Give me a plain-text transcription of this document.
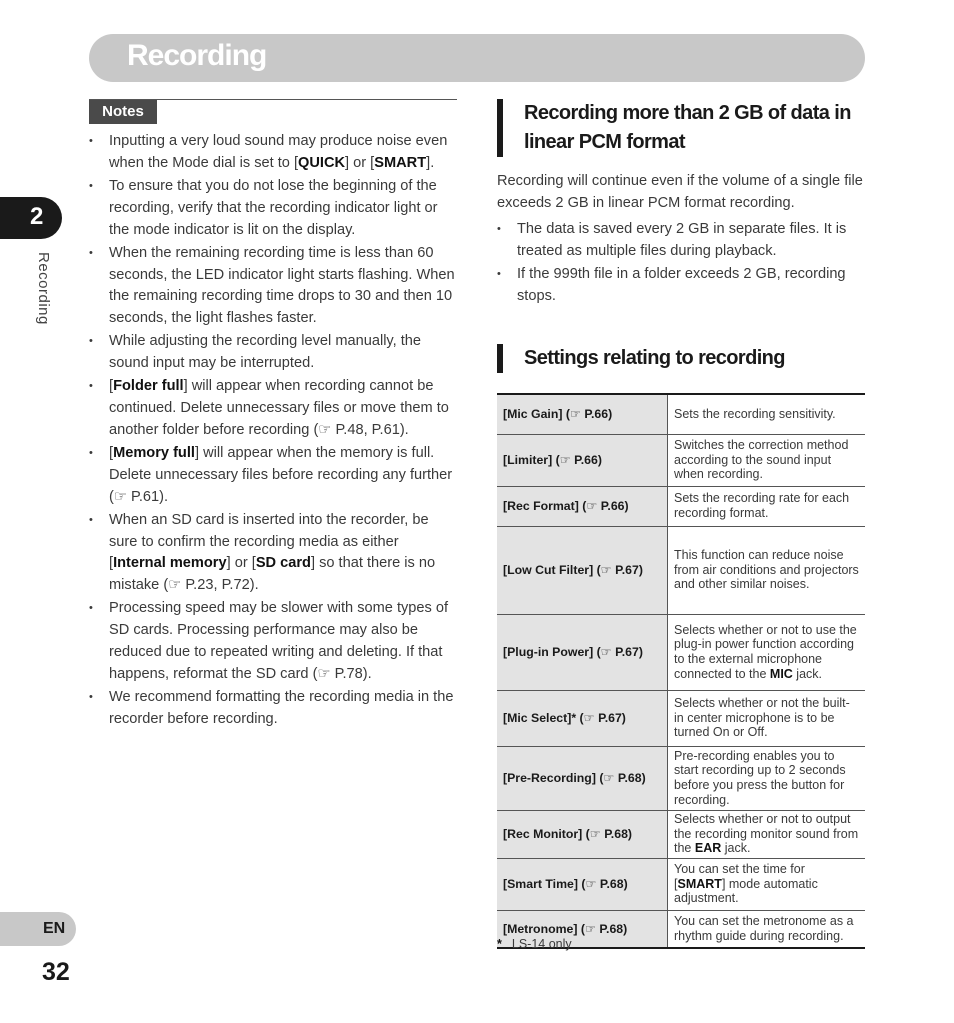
Recording
2
Recording
EN
32
Notes
• Inputting a very loud sound may produce noise even when the Mode dial is set to [QUICK] or [SMART].
• To ensure that you do not lose the beginning of the recording, verify that the recording indicator light or the mode indicator is lit on the display.
• When the remaining recording time is less than 60 seconds, the LED indicator light starts flashing. When the remaining recording time drops to 30 and then 10 seconds, the light flashes faster.
• While adjusting the recording level manually, the sound input may be interrupted.
• [Folder full] will appear when recording cannot be continued. Delete unnecessary files or move them to another folder before recording (☞ P.48, P.61).
• [Memory full] will appear when the memory is full. Delete unnecessary files before recording any further (☞ P.61).
• When an SD card is inserted into the recorder, be sure to confirm the recording media as either [Internal memory] or [SD card] so that there is no mistake (☞ P.23, P.72).
• Processing speed may be slower with some types of SD cards. Processing performance may also be reduced due to repeated writing and deleting. If that happens, reformat the SD card (☞ P.78).
• We recommend formatting the recording media in the recorder before recording.
Recording more than 2 GB of data in linear PCM format

Recording will continue even if the volume of a single file exceeds 2 GB in linear PCM format recording.

• The data is saved every 2 GB in separate files. It is treated as multiple files during playback.
• If the 999th file in a folder exceeds 2 GB, recording stops.
Settings relating to recording
[Mic Gain] (☞ P.66)	Sets the recording sensitivity.
[Limiter] (☞ P.66)	Switches the correction method according to the sound input when recording.
[Rec Format] (☞ P.66)	Sets the recording rate for each recording format.
[Low Cut Filter] (☞ P.67)	This function can reduce noise from air conditions and projectors and other similar noises.
[Plug-in Power] (☞ P.67)	Selects whether or not to use the plug-in power function according to the external microphone connected to the MIC jack.
[Mic Select]* (☞ P.67)	Selects whether or not the built-in center microphone is to be turned On or Off.
[Pre-Recording] (☞ P.68)	Pre-recording enables you to start recording up to 2 seconds before you press the button for recording.
[Rec Monitor] (☞ P.68)	Selects whether or not to output the recording monitor sound from the EAR jack.
[Smart Time] (☞ P.68)	You can set the time for [SMART] mode automatic adjustment.
[Metronome] (☞ P.68)	You can set the metronome as a rhythm guide during recording.
* LS-14 only
